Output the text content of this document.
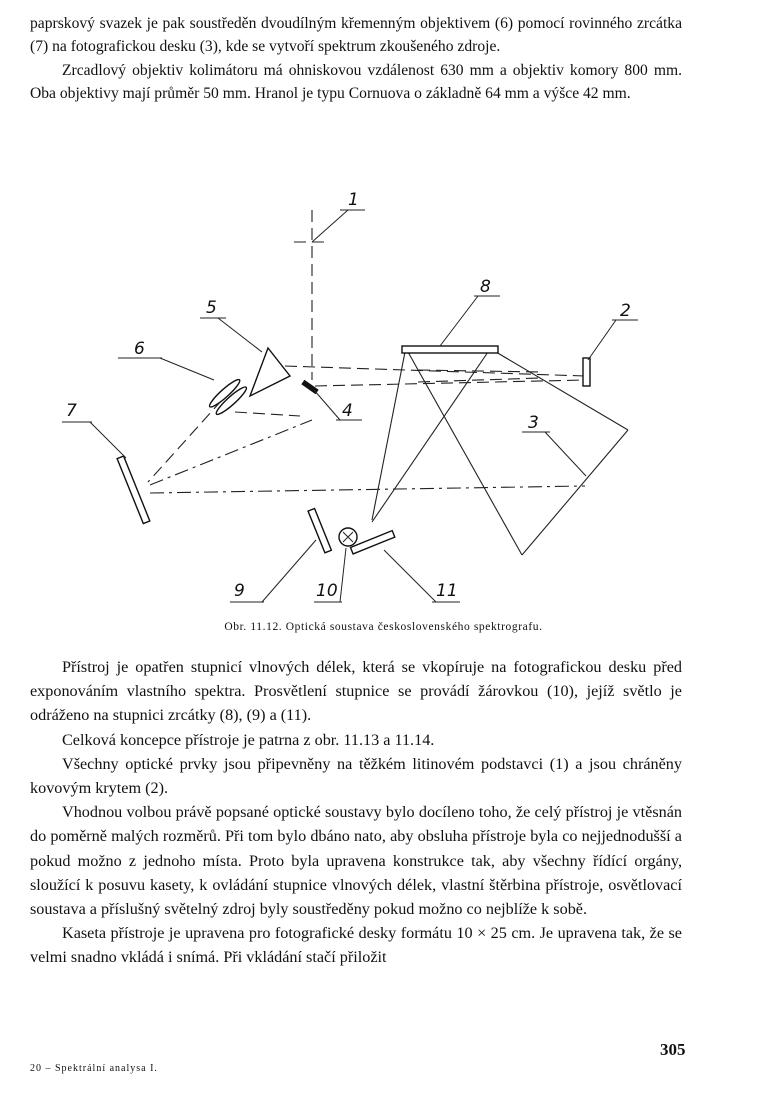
paprskový svazek je pak soustředěn dvoudílným křemenným objektivem (6) pomocí rovinného zrcátka (7) na fotografickou desku (3), kde se vytvoří spektrum zkoušeného zdroje.

Zrcadlový objektiv kolimátoru má ohniskovou vzdálenost 630 mm a objektiv komory 800 mm. Oba objektivy mají průměr 50 mm. Hranol je typu Cornuova o základně 64 mm a výšce 42 mm.

1
2
3
4
5
6
7
8
9	10	11
Obr. 11.12. Optická soustava československého spektrografu.

Přístroj je opatřen stupnicí vlnových délek, která se vkopíruje na fotografickou desku před exponováním vlastního spektra. Prosvětlení stupnice se provádí žárovkou (10), jejíž světlo je odráženo na stupnici zrcátky (8), (9) a (11).

Celková koncepce přístroje je patrna z obr. 11.13 a 11.14.

Všechny optické prvky jsou připevněny na těžkém litinovém podstavci (1) a jsou chráněny kovovým krytem (2).

Vhodnou volbou právě popsané optické soustavy bylo docíleno toho, že celý přístroj je vtěsnán do poměrně malých rozměrů. Při tom bylo dbáno nato, aby obsluha přístroje byla co nejjednodušší a pokud možno z jednoho místa. Proto byla upravena konstrukce tak, aby všechny řídící orgány, sloužící k posuvu kasety, k ovládání stupnice vlnových délek, vlastní štěrbina přístroje, osvětlovací soustava a příslušný světelný zdroj byly soustředěny pokud možno co nejblíže k sobě.

Kaseta přístroje je upravena pro fotografické desky formátu 10 × 25 cm. Je upravena tak, že se velmi snadno vkládá i snímá. Při vkládání stačí přiložit

20 – Spektrální analysa I.
305
